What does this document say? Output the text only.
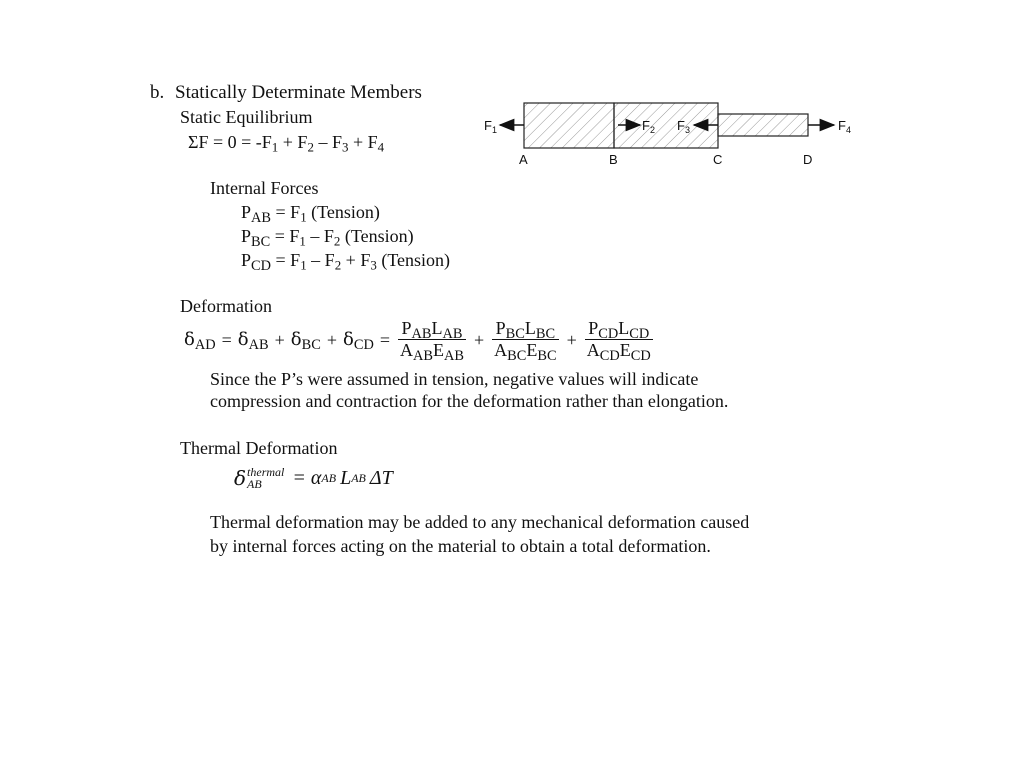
b. Statically Determinate Members
Static Equilibrium
$\Sigma F = 0 = -F_1 + F_2 - F_3 + F_4$
$F_1$	$F_2$ $F_3$	$F_4$
A	B	C	D
Internal Forces
$P_{AB} = F_1$ (Tension)
$P_{BC} = F_1 - F_2$ (Tension)
$P_{CD} = F_1 - F_2 + F_3$ (Tension)
Deformation
$\delta_{AD} = \delta_{AB} + \delta_{BC} + \delta_{CD} = \frac{P_{AB}L_{AB}}{A_{AB}E_{AB}} + \frac{P_{BC}L_{BC}}{A_{BC}E_{BC}} + \frac{P_{CD}L_{CD}}{A_{CD}E_{CD}}$
Since the P’s were assumed in tension, negative values will indicate
compression and contraction for the deformation rather than elongation.
Thermal Deformation
δ thermal
AB	= α AB L AB ΔT
Thermal deformation may be added to any mechanical deformation caused
by internal forces acting on the material to obtain a total deformation.
